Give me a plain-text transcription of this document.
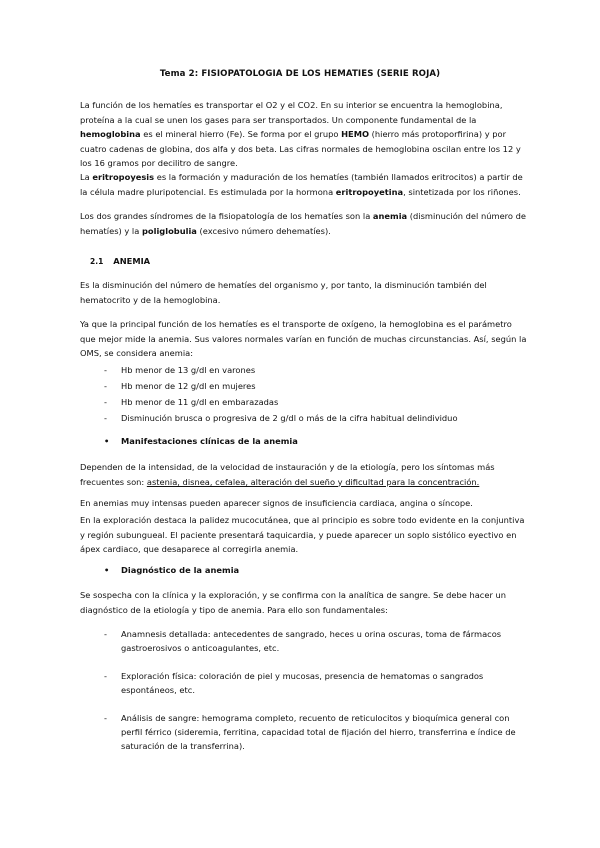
Tema 2: FISIOPATOLOGIA DE LOS HEMATIES (SERIE ROJA)

La función de los hematíes es transportar el O2 y el CO2. En su interior se encuentra la hemoglobina, proteína a la cual se unen los gases para ser transportados. Un componente fundamental de la hemoglobina es el mineral hierro (Fe). Se forma por el grupo HEMO (hierro más protoporfirina) y por cuatro cadenas de globina, dos alfa y dos beta. Las cifras normales de hemoglobina oscilan entre los 12 y los 16 gramos por decilitro de sangre.

La eritropoyesis es la formación y maduración de los hematíes (también llamados eritrocitos) a partir de la célula madre pluripotencial. Es estimulada por la hormona eritropoyetina, sintetizada por los riñones.

Los dos grandes síndromes de la fisiopatología de los hematíes son la anemia (disminución del número de hematíes) y la poliglobulia (excesivo número dehematíes).

2.1 ANEMIA

Es la disminución del número de hematíes del organismo y, por tanto, la disminución también del hematocrito y de la hemoglobina.

Ya que la principal función de los hematíes es el transporte de oxígeno, la hemoglobina es el parámetro que mejor mide la anemia. Sus valores normales varían en función de muchas circunstancias. Así, según la OMS, se considera anemia:

- Hb menor de 13 g/dl en varones
- Hb menor de 12 g/dl en mujeres
- Hb menor de 11 g/dl en embarazadas
- Disminución brusca o progresiva de 2 g/dl o más de la cifra habitual delindividuo
• Manifestaciones clínicas de la anemia

Dependen de la intensidad, de la velocidad de instauración y de la etiología, pero los síntomas más frecuentes son: astenia, disnea, cefalea, alteración del sueño y dificultad para la concentración.

En anemias muy intensas pueden aparecer signos de insuficiencia cardiaca, angina o síncope.

En la exploración destaca la palidez mucocutánea, que al principio es sobre todo evidente en la conjuntiva y región subungueal. El paciente presentará taquicardia, y puede aparecer un soplo sistólico eyectivo en ápex cardiaco, que desaparece al corregirla anemia.

• Diagnóstico de la anemia

Se sospecha con la clínica y la exploración, y se confirma con la analítica de sangre. Se debe hacer un diagnóstico de la etiología y tipo de anemia. Para ello son fundamentales:

- Anamnesis detallada: antecedentes de sangrado, heces u orina oscuras, toma de fármacos gastroerosivos o anticoagulantes, etc.
- Exploración física: coloración de piel y mucosas, presencia de hematomas o sangrados espontáneos, etc.
- Análisis de sangre: hemograma completo, recuento de reticulocitos y bioquímica general con perfil férrico (sideremia, ferritina, capacidad total de fijación del hierro, transferrina e índice de saturación de la transferrina).
